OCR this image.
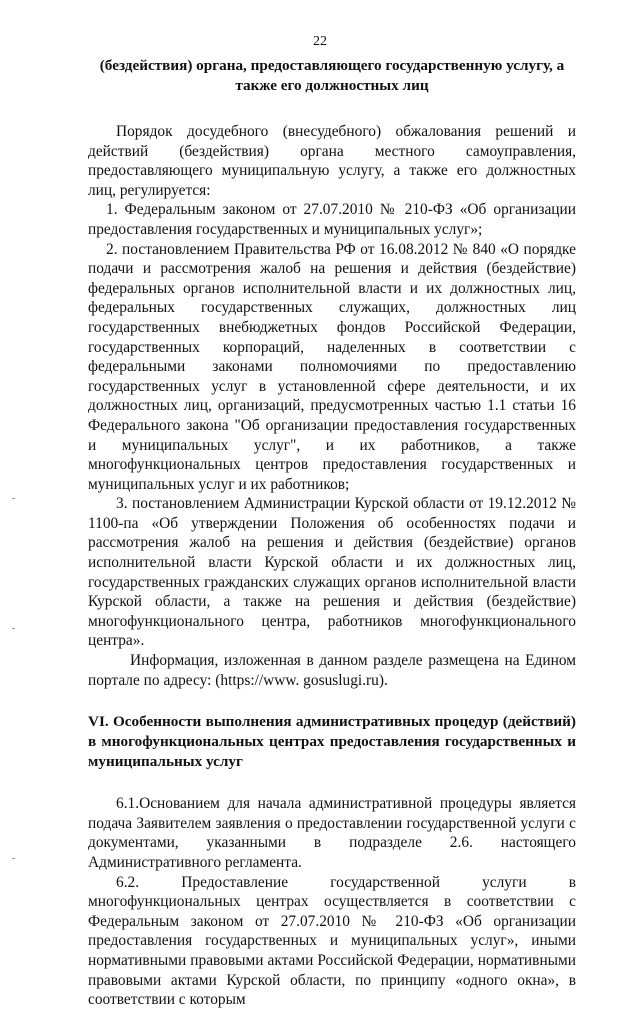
22

(бездействия) органа, предоставляющего государственную услугу, а также его должностных лиц

Порядок досудебного (внесудебного) обжалования решений и действий (бездействия) органа местного самоуправления, предоставляющего муниципальную услугу, а также его должностных лиц, регулируется:

1. Федеральным законом от 27.07.2010 № 210-ФЗ «Об организации предоставления государственных и муниципальных услуг»;

2. постановлением Правительства РФ от 16.08.2012 № 840 «О порядке подачи и рассмотрения жалоб на решения и действия (бездействие) федеральных органов исполнительной власти и их должностных лиц, федеральных государственных служащих, должностных лиц государственных внебюджетных фондов Российской Федерации, государственных корпораций, наделенных в соответствии с федеральными законами полномочиями по предоставлению государственных услуг в установленной сфере деятельности, и их должностных лиц, организаций, предусмотренных частью 1.1 статьи 16 Федерального закона "Об организации предоставления государственных и муниципальных услуг", и их работников, а также многофункциональных центров предоставления государственных и муниципальных услуг и их работников;

3. постановлением Администрации Курской области от 19.12.2012 № 1100-па «Об утверждении Положения об особенностях подачи и рассмотрения жалоб на решения и действия (бездействие) органов исполнительной власти Курской области и их должностных лиц, государственных гражданских служащих органов исполнительной власти Курской области, а также на решения и действия (бездействие) многофункционального центра, работников многофункционального центра».

Информация, изложенная в данном разделе размещена на Едином портале по адресу: (https://www. gosuslugi.ru).

VI. Особенности выполнения административных процедур (действий) в многофункциональных центрах предоставления государственных и муниципальных услуг

6.1.Основанием для начала административной процедуры является подача Заявителем заявления о предоставлении государственной услуги с документами, указанными в подразделе 2.6. настоящего Административного регламента.

6.2. Предоставление государственной услуги в многофункциональных центрах осуществляется в соответствии с Федеральным законом от 27.07.2010 № 210-ФЗ «Об организации предоставления государственных и муниципальных услуг», иными нормативными правовыми актами Российской Федерации, нормативными правовыми актами Курской области, по принципу «одного окна», в соответствии с которым
